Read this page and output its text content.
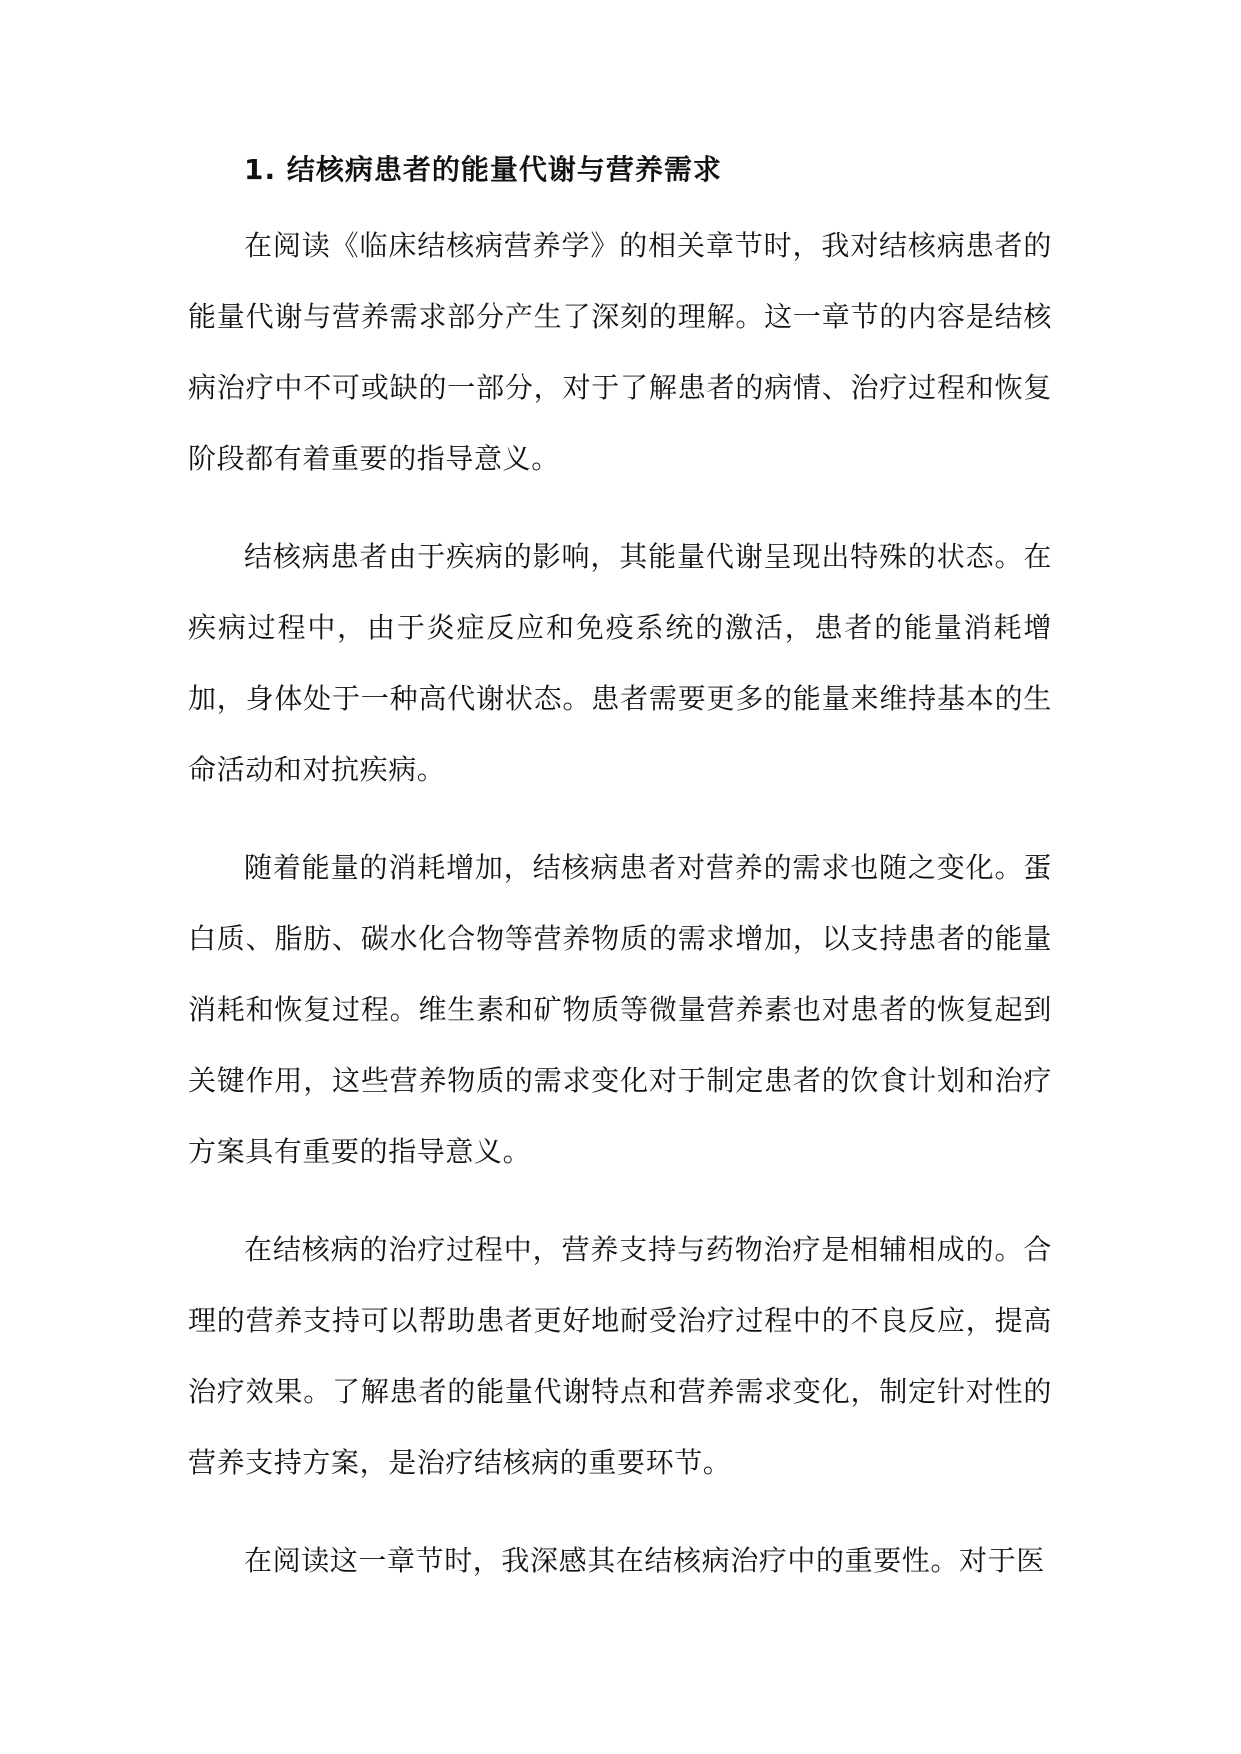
1. 结核病患者的能量代谢与营养需求

在阅读《临床结核病营养学》的相关章节时，我对结核病患者的能量代谢与营养需求部分产生了深刻的理解。这一章节的内容是结核病治疗中不可或缺的一部分，对于了解患者的病情、治疗过程和恢复阶段都有着重要的指导意义。

结核病患者由于疾病的影响，其能量代谢呈现出特殊的状态。在疾病过程中，由于炎症反应和免疫系统的激活，患者的能量消耗增加，身体处于一种高代谢状态。患者需要更多的能量来维持基本的生命活动和对抗疾病。

随着能量的消耗增加，结核病患者对营养的需求也随之变化。蛋白质、脂肪、碳水化合物等营养物质的需求增加，以支持患者的能量消耗和恢复过程。维生素和矿物质等微量营养素也对患者的恢复起到关键作用，这些营养物质的需求变化对于制定患者的饮食计划和治疗方案具有重要的指导意义。

在结核病的治疗过程中，营养支持与药物治疗是相辅相成的。合理的营养支持可以帮助患者更好地耐受治疗过程中的不良反应，提高治疗效果。了解患者的能量代谢特点和营养需求变化，制定针对性的营养支持方案，是治疗结核病的重要环节。

在阅读这一章节时，我深感其在结核病治疗中的重要性。对于医
